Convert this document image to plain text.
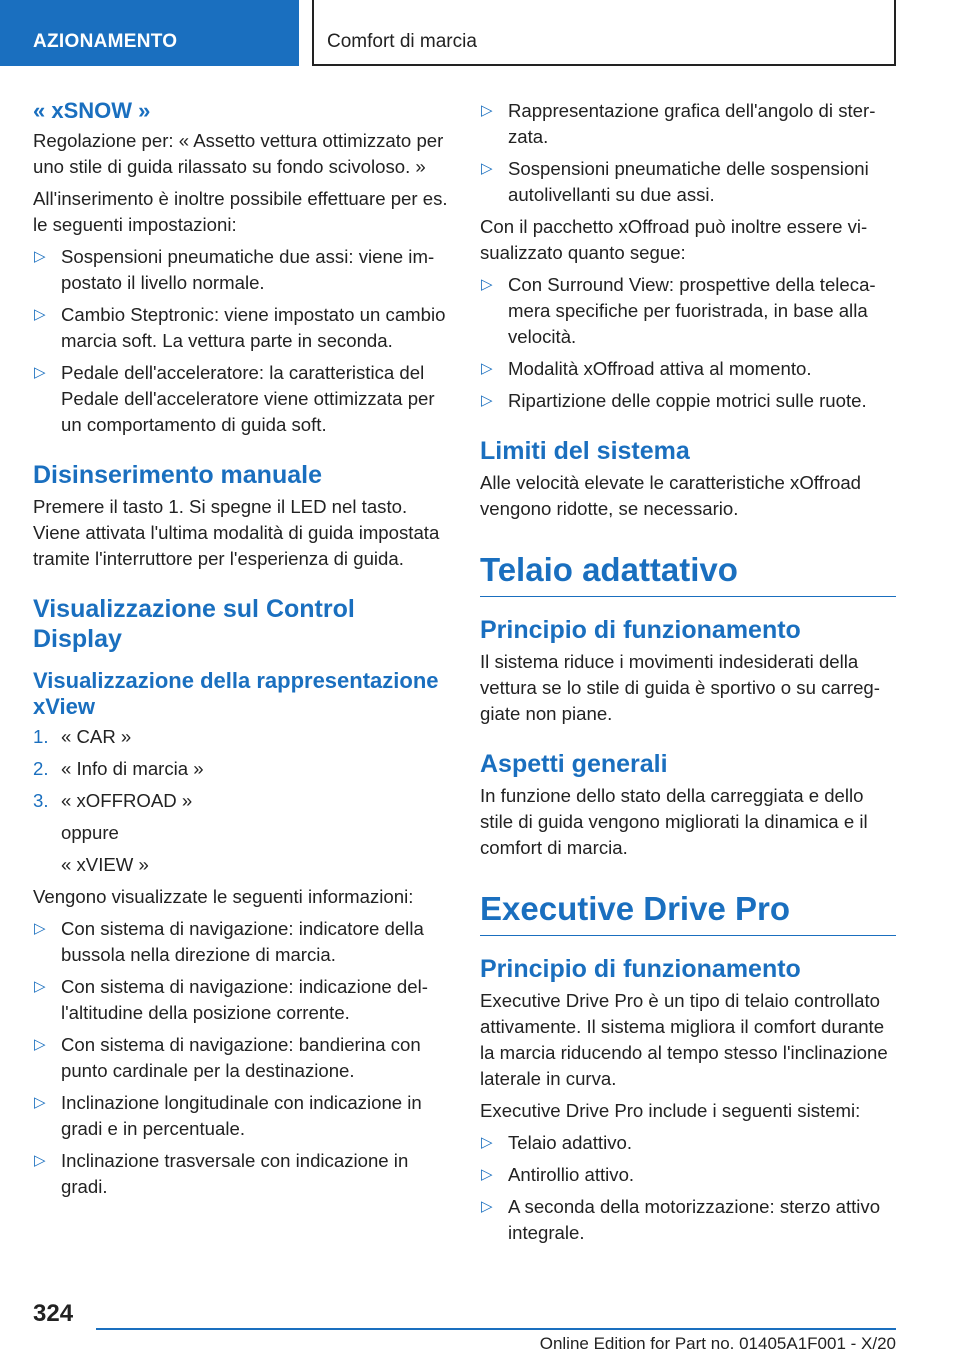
AZIONAMENTO	Comfort di marcia
« xSNOW »

Regolazione per: « Assetto vettura ottimizzato per uno stile di guida rilassato su fondo scivoloso. »

All'inserimento è inoltre possibile effettuare per es. le seguenti impostazioni:

▷ Sospensioni pneumatiche due assi: viene impostato il livello normale.
▷ Cambio Steptronic: viene impostato un cambio marcia soft. La vettura parte in seconda.
▷ Pedale dell'acceleratore: la caratteristica del Pedale dell'acceleratore viene ottimizzata per un comportamento di guida soft.
Disinserimento manuale

Premere il tasto 1. Si spegne il LED nel tasto. Viene attivata l'ultima modalità di guida impostata tramite l'interruttore per l'esperienza di guida.

Visualizzazione sul Control Display
Visualizzazione della rappresentazione xView
1. « CAR »
2. « Info di marcia »
3. « xOFFROAD »
oppure
« xVIEW »

Vengono visualizzate le seguenti informazioni:

▷ Con sistema di navigazione: indicatore della bussola nella direzione di marcia.
▷ Con sistema di navigazione: indicazione dell'altitudine della posizione corrente.
▷ Con sistema di navigazione: bandierina con punto cardinale per la destinazione.
▷ Inclinazione longitudinale con indicazione in gradi e in percentuale.
▷ Inclinazione trasversale con indicazione in gradi.
▷ Rappresentazione grafica dell'angolo di sterzata.
▷ Sospensioni pneumatiche delle sospensioni autolivellanti su due assi.

Con il pacchetto xOffroad può inoltre essere visualizzato quanto segue:

▷ Con Surround View: prospettive della telecamera specifiche per fuoristrada, in base alla velocità.
▷ Modalità xOffroad attiva al momento.
▷ Ripartizione delle coppie motrici sulle ruote.
Limiti del sistema

Alle velocità elevate le caratteristiche xOffroad vengono ridotte, se necessario.

Telaio adattativo
Principio di funzionamento

Il sistema riduce i movimenti indesiderati della vettura se lo stile di guida è sportivo o su carreggiate non piane.

Aspetti generali

In funzione dello stato della carreggiata e dello stile di guida vengono migliorati la dinamica e il comfort di marcia.

Executive Drive Pro
Principio di funzionamento

Executive Drive Pro è un tipo di telaio controllato attivamente. Il sistema migliora il comfort durante la marcia riducendo al tempo stesso l'inclinazione laterale in curva.

Executive Drive Pro include i seguenti sistemi:

▷ Telaio adattivo.
▷ Antirollio attivo.
▷ A seconda della motorizzazione: sterzo attivo integrale.
324
Online Edition for Part no. 01405A1F001 - X/20
